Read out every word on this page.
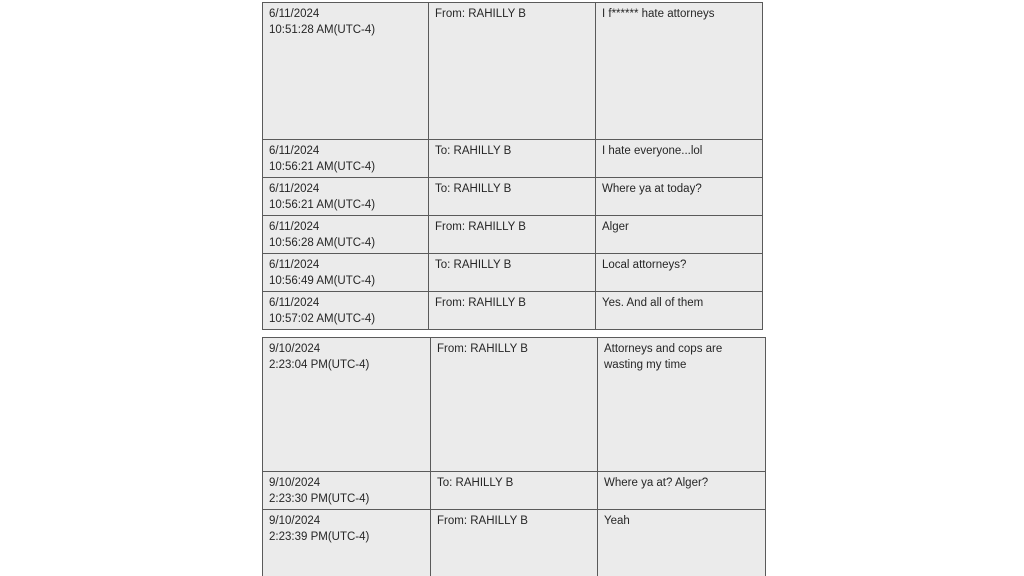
6/11/2024
10:51:28 AM(UTC-4)	From: RAHILLY B	I f****** hate attorneys

6/11/2024
10:56:21 AM(UTC-4)	To: RAHILLY B	I hate everyone...lol

6/11/2024
10:56:21 AM(UTC-4)	To: RAHILLY B	Where ya at today?

6/11/2024
10:56:28 AM(UTC-4)	From: RAHILLY B	Alger

6/11/2024
10:56:49 AM(UTC-4)	To: RAHILLY B	Local attorneys?

6/11/2024
10:57:02 AM(UTC-4)	From: RAHILLY B	Yes. And all of them
9/10/2024
2:23:04 PM(UTC-4)	From: RAHILLY B	Attorneys and cops are wasting my time

9/10/2024
2:23:30 PM(UTC-4)	To: RAHILLY B	Where ya at? Alger?

9/10/2024
2:23:39 PM(UTC-4)	From: RAHILLY B	Yeah
